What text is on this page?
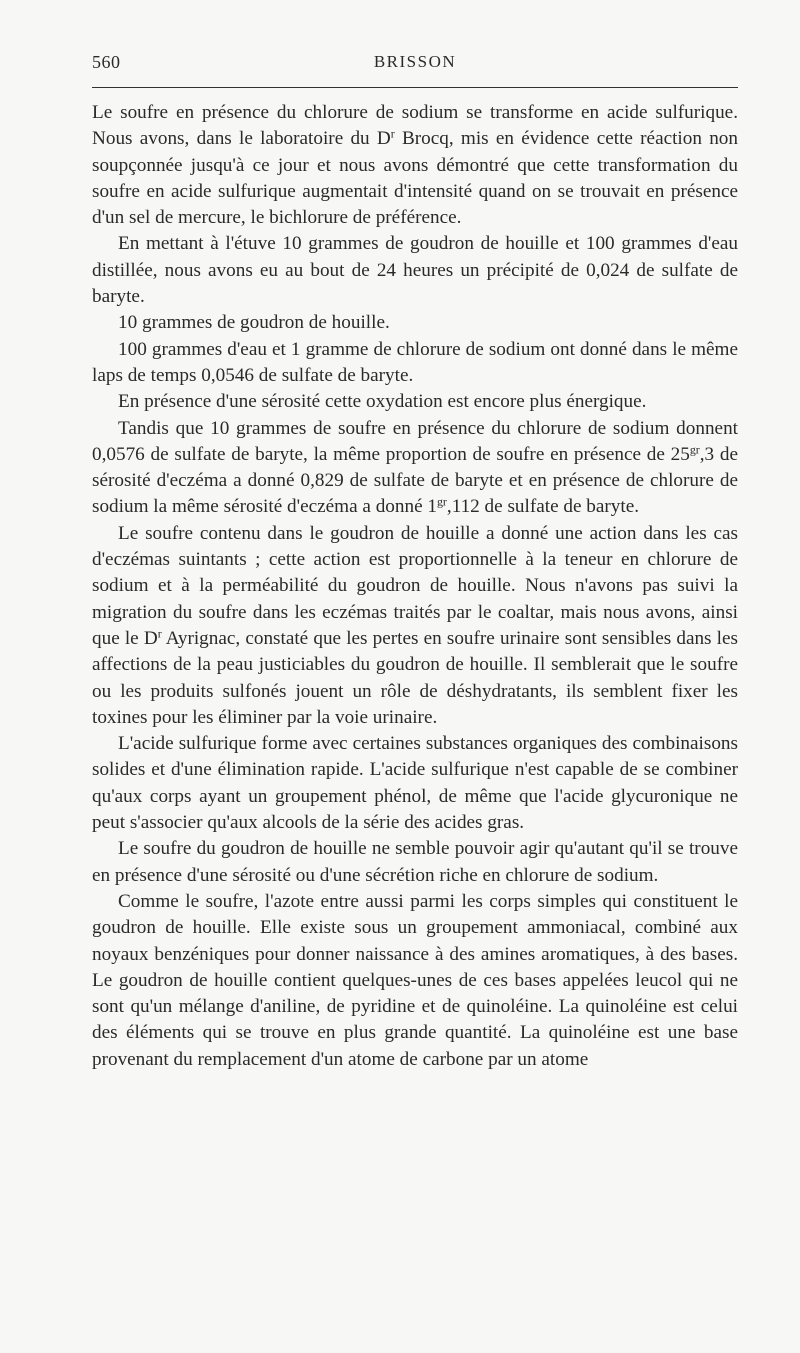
560	BRISSON

Le soufre en présence du chlorure de sodium se transforme en acide sulfurique. Nous avons, dans le laboratoire du $D^r$ Brocq, mis en évidence cette réaction non soupçonnée jusqu'à ce jour et nous avons démontré que cette transformation du soufre en acide sulfurique augmentait d'intensité quand on se trouvait en présence d'un sel de mercure, le bichlorure de préférence.

En mettant à l'étuve 10 grammes de goudron de houille et 100 grammes d'eau distillée, nous avons eu au bout de 24 heures un précipité de 0,024 de sulfate de baryte.

10 grammes de goudron de houille.

100 grammes d'eau et 1 gramme de chlorure de sodium ont donné dans le même laps de temps 0,0546 de sulfate de baryte.

En présence d'une sérosité cette oxydation est encore plus énergique.

Tandis que 10 grammes de soufre en présence du chlorure de sodium donnent 0,0576 de sulfate de baryte, la même proportion de soufre en présence de $25^{gr},3$ de sérosité d'eczéma a donné 0,829 de sulfate de baryte et en présence de chlorure de sodium la même sérosité d'eczéma a donné $1^{gr},112$ de sulfate de baryte.

Le soufre contenu dans le goudron de houille a donné une action dans les cas d'eczémas suintants ; cette action est proportionnelle à la teneur en chlorure de sodium et à la perméabilité du goudron de houille. Nous n'avons pas suivi la migration du soufre dans les eczémas traités par le coaltar, mais nous avons, ainsi que le $D^r$ Ayrignac, constaté que les pertes en soufre urinaire sont sensibles dans les affections de la peau justiciables du goudron de houille. Il semblerait que le soufre ou les produits sulfonés jouent un rôle de déshydratants, ils semblent fixer les toxines pour les éliminer par la voie urinaire.

L'acide sulfurique forme avec certaines substances organiques des combinaisons solides et d'une élimination rapide. L'acide sulfurique n'est capable de se combiner qu'aux corps ayant un groupement phénol, de même que l'acide glycuronique ne peut s'associer qu'aux alcools de la série des acides gras.

Le soufre du goudron de houille ne semble pouvoir agir qu'autant qu'il se trouve en présence d'une sérosité ou d'une sécrétion riche en chlorure de sodium.

Comme le soufre, l'azote entre aussi parmi les corps simples qui constituent le goudron de houille. Elle existe sous un groupement ammoniacal, combiné aux noyaux benzéniques pour donner naissance à des amines aromatiques, à des bases. Le goudron de houille contient quelques-unes de ces bases appelées leucol qui ne sont qu'un mélange d'aniline, de pyridine et de quinoléine. La quinoléine est celui des éléments qui se trouve en plus grande quantité. La quinoléine est une base provenant du remplacement d'un atome de carbone par un atome
